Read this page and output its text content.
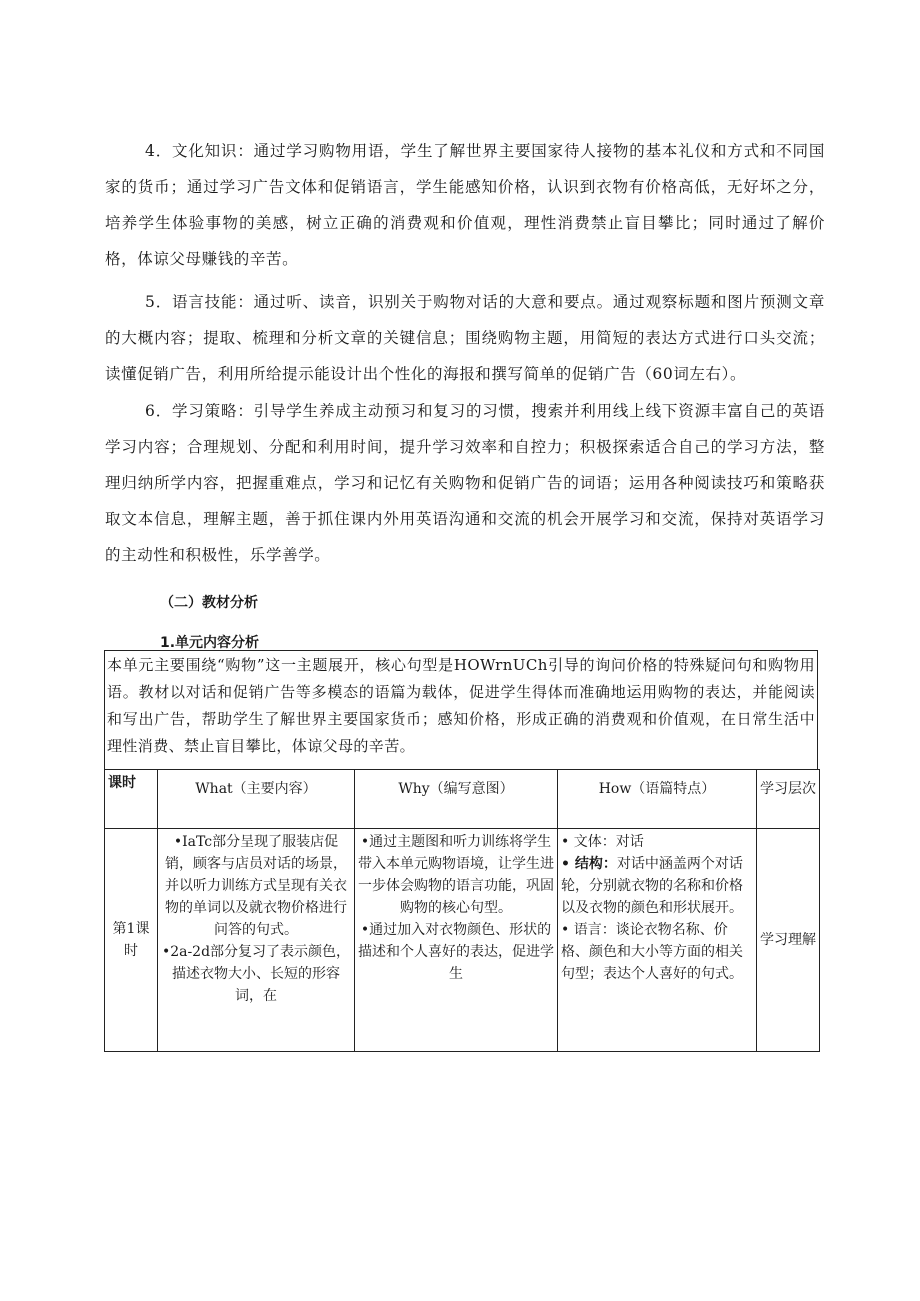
4．文化知识：通过学习购物用语，学生了解世界主要国家待人接物的基本礼仪和方式和不同国家的货币；通过学习广告文体和促销语言，学生能感知价格，认识到衣物有价格高低，无好坏之分，培养学生体验事物的美感，树立正确的消费观和价值观，理性消费禁止盲目攀比；同时通过了解价格，体谅父母赚钱的辛苦。
5．语言技能：通过听、读音，识别关于购物对话的大意和要点。通过观察标题和图片预测文章的大概内容；提取、梳理和分析文章的关键信息；围绕购物主题，用简短的表达方式进行口头交流；读懂促销广告，利用所给提示能设计出个性化的海报和撰写简单的促销广告（60词左右）。
6．学习策略：引导学生养成主动预习和复习的习惯，搜索并利用线上线下资源丰富自己的英语学习内容；合理规划、分配和利用时间，提升学习效率和自控力；积极探索适合自己的学习方法，整理归纳所学内容，把握重难点，学习和记忆有关购物和促销广告的词语；运用各种阅读技巧和策略获取文本信息，理解主题，善于抓住课内外用英语沟通和交流的机会开展学习和交流，保持对英语学习的主动性和积极性，乐学善学。
（二）教材分析
1.单元内容分析
本单元主要围绕“购物”这一主题展开，核心句型是HOWrnUCh引导的询问价格的特殊疑问句和购物用语。教材以对话和促销广告等多模态的语篇为载体，促进学生得体而准确地运用购物的表达，并能阅读和写出广告，帮助学生了解世界主要国家货币；感知价格，形成正确的消费观和价值观，在日常生活中理性消费、禁止盲目攀比，体谅父母的辛苦。
课时	What（主要内容）	Why（编写意图）	How（语篇特点）	学习层次
第1课时	•IaTc部分呈现了服装店促销，顾客与店员对话的场景，并以听力训练方式呈现有关衣物的单词以及就衣物价格进行问答的句式。
•2a-2d部分复习了表示颜色，描述衣物大小、长短的形容词，在	•通过主题图和听力训练将学生带入本单元购物语境，让学生进一步体会购物的语言功能，巩固购物的核心句型。
•通过加入对衣物颜色、形状的描述和个人喜好的表达，促进学生	• 文体：对话
• 结构：对话中涵盖两个对话轮，分别就衣物的名称和价格以及衣物的颜色和形状展开。
• 语言：谈论衣物名称、价格、颜色和大小等方面的相关句型；表达个人喜好的句式。	学习理解
